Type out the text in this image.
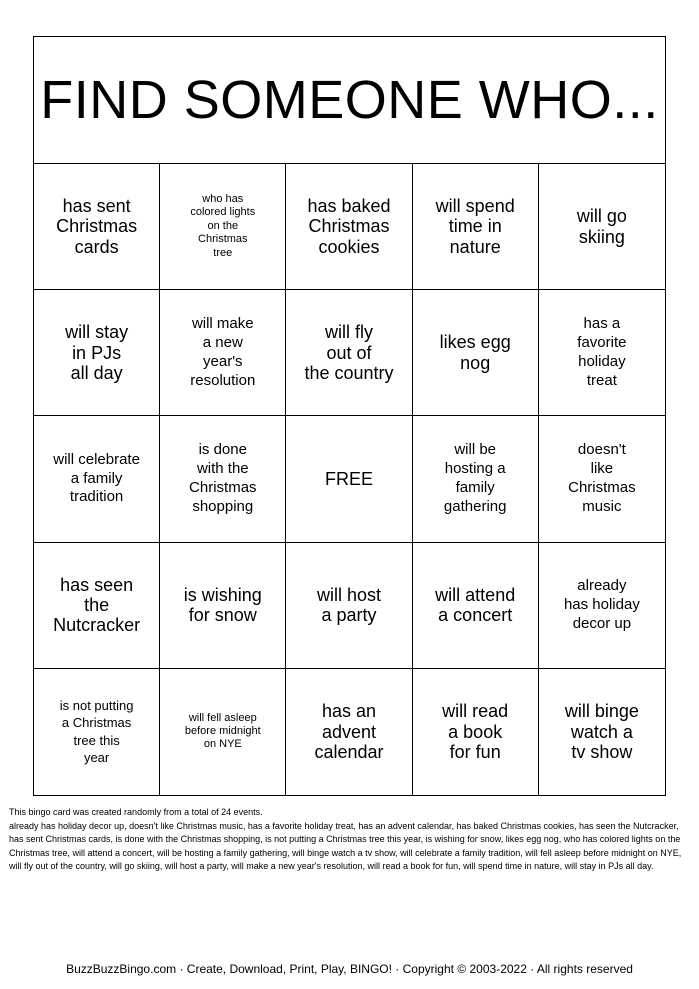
FIND SOMEONE WHO...
has sent
Christmas
cards
who has
colored lights
on the
Christmas
tree
has baked
Christmas
cookies
will spend
time in
nature
will go
skiing
will stay
in PJs
all day
will make
a new
year's
resolution
will fly
out of
the country
likes egg
nog
has a
favorite
holiday
treat
will celebrate
a family
tradition
is done
with the
Christmas
shopping
FREE
will be
hosting a
family
gathering
doesn't
like
Christmas
music
has seen
the
Nutcracker
is wishing
for snow
will host
a party
will attend
a concert
already
has holiday
decor up
is not putting
a Christmas
tree this
year
will fell asleep
before midnight
on NYE
has an
advent
calendar
will read
a book
for fun
will binge
watch a
tv show

This bingo card was created randomly from a total of 24 events.

already has holiday decor up, doesn't like Christmas music, has a favorite holiday treat, has an advent calendar, has baked Christmas cookies, has seen the Nutcracker, has sent Christmas cards, is done with the Christmas shopping, is not putting a Christmas tree this year, is wishing for snow, likes egg nog, who has colored lights on the Christmas tree, will attend a concert, will be hosting a family gathering, will binge watch a tv show, will celebrate a family tradition, will fell asleep before midnight on NYE, will fly out of the country, will go skiing, will host a party, will make a new year's resolution, will read a book for fun, will spend time in nature, will stay in PJs all day.

BuzzBuzzBingo.com · Create, Download, Print, Play, BINGO! · Copyright © 2003-2022 · All rights reserved
